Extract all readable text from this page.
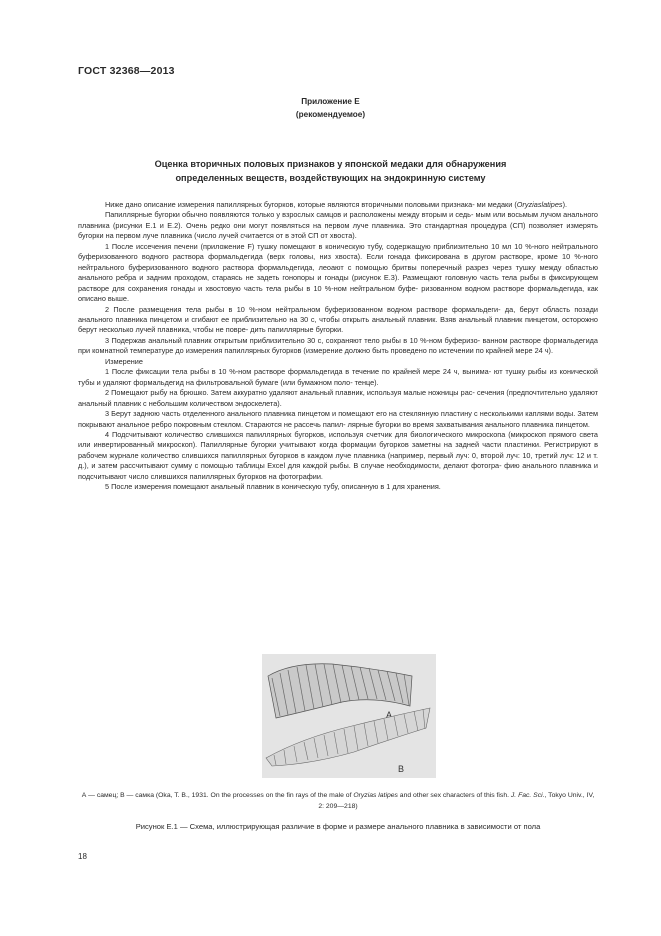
ГОСТ 32368—2013
Приложение Е
(рекомендуемое)
Оценка вторичных половых признаков у японской медаки для обнаружения
определенных веществ, воздействующих на эндокринную систему

Ниже дано описание измерения папиллярных бугорков, которые являются вторичными половыми признака- ми медаки (Oryziaslatipes).

Папиллярные бугорки обычно появляются только у взрослых самцов и расположены между вторым и седь- мым или восьмым лучом анального плавника (рисунки Е.1 и Е.2). Очень редко они могут появляться на первом луче плавника. Это стандартная процедура (СП) позволяет измерять бугорки на первом луче плавника (число лучей считается от в этой СП от хвоста).

1 После иссечения печени (приложение F) тушку помещают в коническую тубу, содержащую приблизительно 10 мл 10 %-ного нейтрального буферизованного водного раствора формальдегида (верх головы, низ хвоста). Если гонада фиксирована в другом растворе, кроме 10 %-ного нейтрального буферизованного водного раствора формальдегида, леоают с помощью бритвы поперечный разрез через тушку между областью анального ребра и задним проходом, стараясь не задеть гонопоры и гонады (рисунок Е.3). Размещают головную часть тела рыбы в фиксирующем растворе для сохранения гонады и хвостовую часть тела рыбы в 10 %-ном нейтральном буфе- ризованном водном растворе формальдегида, как описано выше.

2 После размещения тела рыбы в 10 %-ном нейтральном буферизованном водном растворе формальдеги- да, берут область позади анального плавника пинцетом и сгибают ее приблизительно на 30 с, чтобы открыть анальный плавник. Взяв анальный плавник пинцетом, осторожно берут несколько лучей плавника, чтобы не повре- дить папиллярные бугорки.

3 Подержав анальный плавник открытым приблизительно 30 с, сохраняют тело рыбы в 10 %-ном буферизо- ванном растворе формальдегида при комнатной температуре до измерения папиллярных бугорков (измерение должно быть проведено по истечении по крайней мере 24 ч).

Измерение

1 После фиксации тела рыбы в 10 %-ном растворе формальдегида в течение по крайней мере 24 ч, вынима- ют тушку рыбы из конической тубы и удаляют формальдегид на фильтровальной бумаге (или бумажном поло- тенце).

2 Помещают рыбу на брюшко. Затем аккуратно удаляют анальный плавник, используя малые ножницы рас- сечения (предпочтительно удаляют анальный плавник с небольшим количеством эндоскелета).

3 Берут заднюю часть отделенного анального плавника пинцетом и помещают его на стеклянную пластину с несколькими каплями воды. Затем покрывают анальное ребро покровным стеклом. Стараются не рассечь папил- лярные бугорки во время захватывания анального плавника пинцетом.

4 Подсчитывают количество слившихся папиллярных бугорков, используя счетчик для биологического микроскопа (микроскоп прямого света или инвертированный микроскоп). Папиллярные бугорки учитывают когда формации бугорков заметны на задней части пластинки. Регистрируют в рабочем журнале количество слившихся папиллярных бугорков в каждом луче плавника (например, первый луч: 0, второй луч: 10, третий луч: 12 и т. д.), и затем рассчитывают сумму с помощью таблицы Excel для каждой рыбы. В случае необходимости, делают фотогра- фию анального плавника и подсчитывают число слившихся папиллярных бугорков на фотографии.

5 После измерения помещают анальный плавник в коническую тубу, описанную в 1 для хранения.

A
B
А — самец; В — самка (Oka, T. B., 1931. On the processes on the fin rays of the male of Oryzias latipes and other sex characters of this fish. J. Fac. Sci., Tokyo Univ., IV, 2: 209—218)
Рисунок Е.1 — Схема, иллюстрирующая различие в форме и размере анального плавника в зависимости от пола
18
